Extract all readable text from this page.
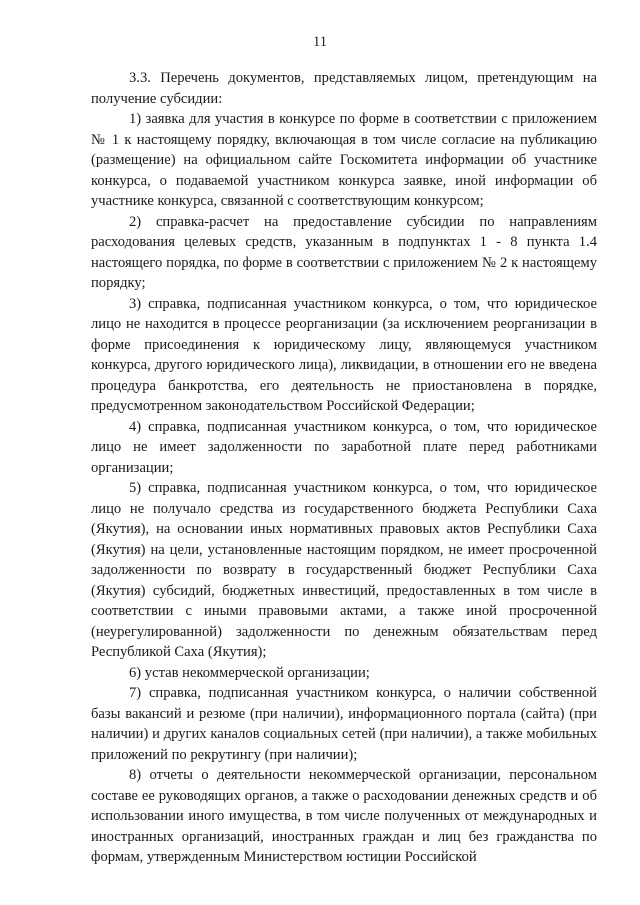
11

3.3. Перечень документов, представляемых лицом, претендующим на получение субсидии:

1) заявка для участия в конкурсе по форме в соответствии с приложением № 1 к настоящему порядку, включающая в том числе согласие на публикацию (размещение) на официальном сайте Госкомитета информации об участнике конкурса, о подаваемой участником конкурса заявке, иной информации об участнике конкурса, связанной с соответствующим конкурсом;

2) справка-расчет на предоставление субсидии по направлениям расходования целевых средств, указанным в подпунктах 1 - 8 пункта 1.4 настоящего порядка, по форме в соответствии с приложением № 2 к настоящему порядку;

3) справка, подписанная участником конкурса, о том, что юридическое лицо не находится в процессе реорганизации (за исключением реорганизации в форме присоединения к юридическому лицу, являющемуся участником конкурса, другого юридического лица), ликвидации, в отношении его не введена процедура банкротства, его деятельность не приостановлена в порядке, предусмотренном законодательством Российской Федерации;

4) справка, подписанная участником конкурса, о том, что юридическое лицо не имеет задолженности по заработной плате перед работниками организации;

5) справка, подписанная участником конкурса, о том, что юридическое лицо не получало средства из государственного бюджета Республики Саха (Якутия), на основании иных нормативных правовых актов Республики Саха (Якутия) на цели, установленные настоящим порядком, не имеет просроченной задолженности по возврату в государственный бюджет Республики Саха (Якутия) субсидий, бюджетных инвестиций, предоставленных в том числе в соответствии с иными правовыми актами, а также иной просроченной (неурегулированной) задолженности по денежным обязательствам перед Республикой Саха (Якутия);

6) устав некоммерческой организации;

7) справка, подписанная участником конкурса, о наличии собственной базы вакансий и резюме (при наличии), информационного портала (сайта) (при наличии) и других каналов социальных сетей (при наличии), а также мобильных приложений по рекрутингу (при наличии);

8) отчеты о деятельности некоммерческой организации, персональном составе ее руководящих органов, а также о расходовании денежных средств и об использовании иного имущества, в том числе полученных от международных и иностранных организаций, иностранных граждан и лиц без гражданства по формам, утвержденным Министерством юстиции Российской
